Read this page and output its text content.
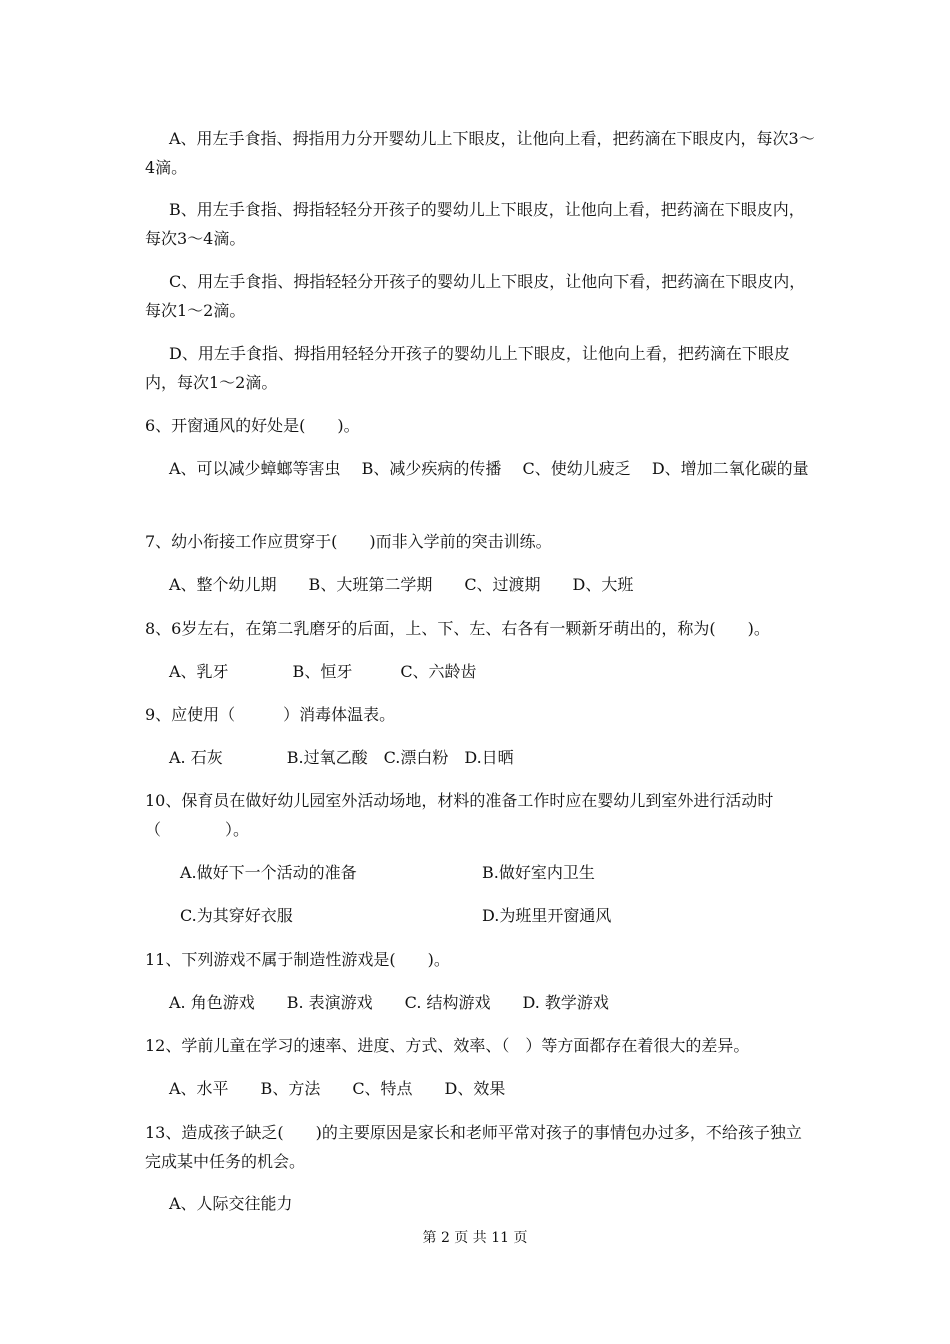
A、用左手食指、拇指用力分开婴幼儿上下眼皮，让他向上看，把药滴在下眼皮内，每次3～4滴。
B、用左手食指、拇指轻轻分开孩子的婴幼儿上下眼皮，让他向上看，把药滴在下眼皮内，每次3～4滴。
C、用左手食指、拇指轻轻分开孩子的婴幼儿上下眼皮，让他向下看，把药滴在下眼皮内，每次1～2滴。
D、用左手食指、拇指用轻轻分开孩子的婴幼儿上下眼皮，让他向上看，把药滴在下眼皮内，每次1～2滴。
6、开窗通风的好处是(　　)。
A、可以减少蟑螂等害虫　 B、减少疾病的传播　 C、使幼儿疲乏　 D、增加二氧化碳的量
7、幼小衔接工作应贯穿于(　　)而非入学前的突击训练。
A、整个幼儿期　　B、大班第二学期　　C、过渡期　　D、大班
8、6岁左右，在第二乳磨牙的后面，上、下、左、右各有一颗新牙萌出的，称为(　　)。
A、乳牙　　　　B、恒牙　　　C、六龄齿
9、应使用（　　　）消毒体温表。
A. 石灰　　　　B.过氧乙酸　C.漂白粉　D.日晒
10、保育员在做好幼儿园室外活动场地，材料的准备工作时应在婴幼儿到室外进行活动时（　　　　）。
A.做好下一个活动的准备	B.做好室内卫生
C.为其穿好衣服	D.为班里开窗通风
11、下列游戏不属于制造性游戏是(　　)。
A. 角色游戏　　B. 表演游戏　　C. 结构游戏　　D. 教学游戏
12、学前儿童在学习的速率、进度、方式、效率、（　）等方面都存在着很大的差异。
A、水平　　B、方法　　C、特点　　D、效果
13、造成孩子缺乏(　　)的主要原因是家长和老师平常对孩子的事情包办过多，不给孩子独立完成某中任务的机会。
A、人际交往能力
第 2 页 共 11 页
